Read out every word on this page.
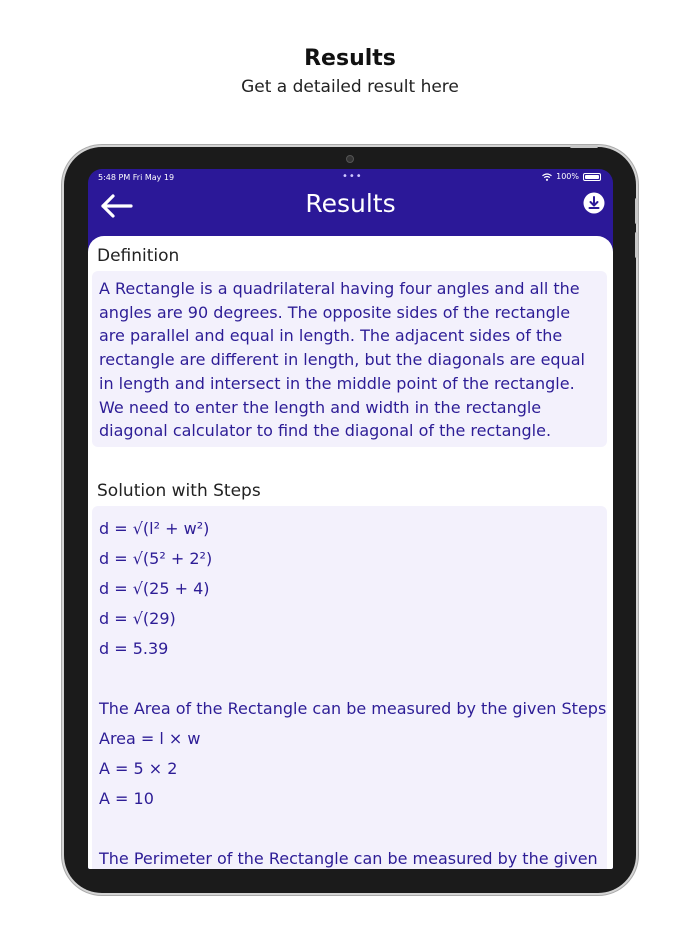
Results
Get a detailed result here
5:48 PM Fri May 19	•••	100%
Results
Definition
A Rectangle is a quadrilateral having four angles and all the angles are 90 degrees. The opposite sides of the rectangle are parallel and equal in length. The adjacent sides of the rectangle are different in length, but the diagonals are equal in length and intersect in the middle point of the rectangle. We need to enter the length and width in the rectangle diagonal calculator to find the diagonal of the rectangle.
Solution with Steps
d = √(l² + w²)
d = √(5² + 2²)
d = √(25 + 4)
d = √(29)
d = 5.39
The Area of the Rectangle can be measured by the given Steps
Area = l × w
A = 5 × 2
A = 10
The Perimeter of the Rectangle can be measured by the given
